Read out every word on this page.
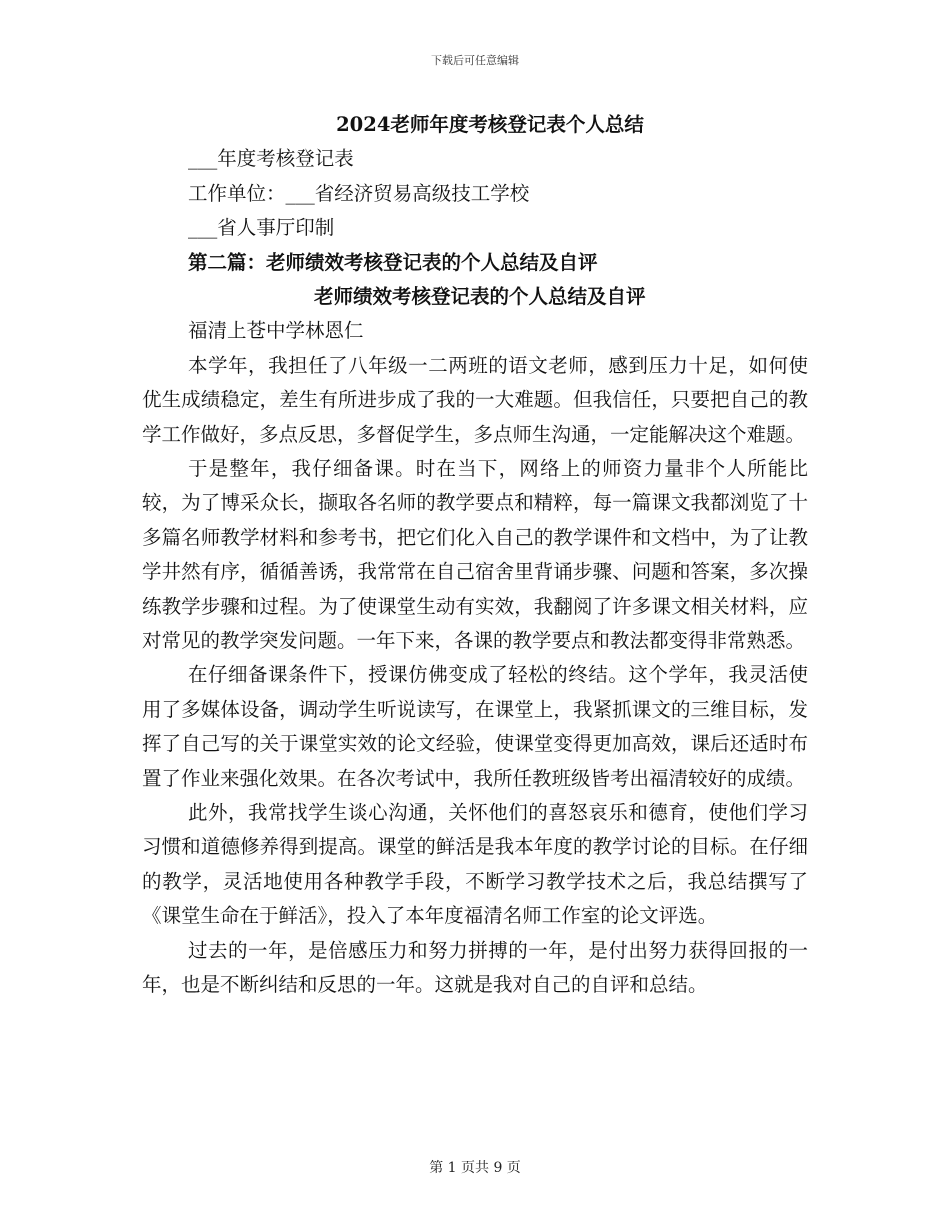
下载后可任意编辑
2024老师年度考核登记表个人总结
___年度考核登记表
工作单位：___省经济贸易高级技工学校
___省人事厅印制
第二篇：老师绩效考核登记表的个人总结及自评
老师绩效考核登记表的个人总结及自评
福清上苍中学林恩仁

本学年，我担任了八年级一二两班的语文老师，感到压力十足，如何使优生成绩稳定，差生有所进步成了我的一大难题。但我信任，只要把自己的教学工作做好，多点反思，多督促学生，多点师生沟通，一定能解决这个难题。

于是整年，我仔细备课。时在当下，网络上的师资力量非个人所能比较，为了博采众长，撷取各名师的教学要点和精粹，每一篇课文我都浏览了十多篇名师教学材料和参考书，把它们化入自己的教学课件和文档中，为了让教学井然有序，循循善诱，我常常在自己宿舍里背诵步骤、问题和答案，多次操练教学步骤和过程。为了使课堂生动有实效，我翻阅了许多课文相关材料，应对常见的教学突发问题。一年下来，各课的教学要点和教法都变得非常熟悉。

在仔细备课条件下，授课仿佛变成了轻松的终结。这个学年，我灵活使用了多媒体设备，调动学生听说读写，在课堂上，我紧抓课文的三维目标，发挥了自己写的关于课堂实效的论文经验，使课堂变得更加高效，课后还适时布置了作业来强化效果。在各次考试中，我所任教班级皆考出福清较好的成绩。

此外，我常找学生谈心沟通，关怀他们的喜怒哀乐和德育，使他们学习习惯和道德修养得到提高。课堂的鲜活是我本年度的教学讨论的目标。在仔细的教学，灵活地使用各种教学手段，不断学习教学技术之后，我总结撰写了《课堂生命在于鲜活》，投入了本年度福清名师工作室的论文评选。

过去的一年，是倍感压力和努力拼搏的一年，是付出努力获得回报的一年，也是不断纠结和反思的一年。这就是我对自己的自评和总结。

第 1 页共 9 页
